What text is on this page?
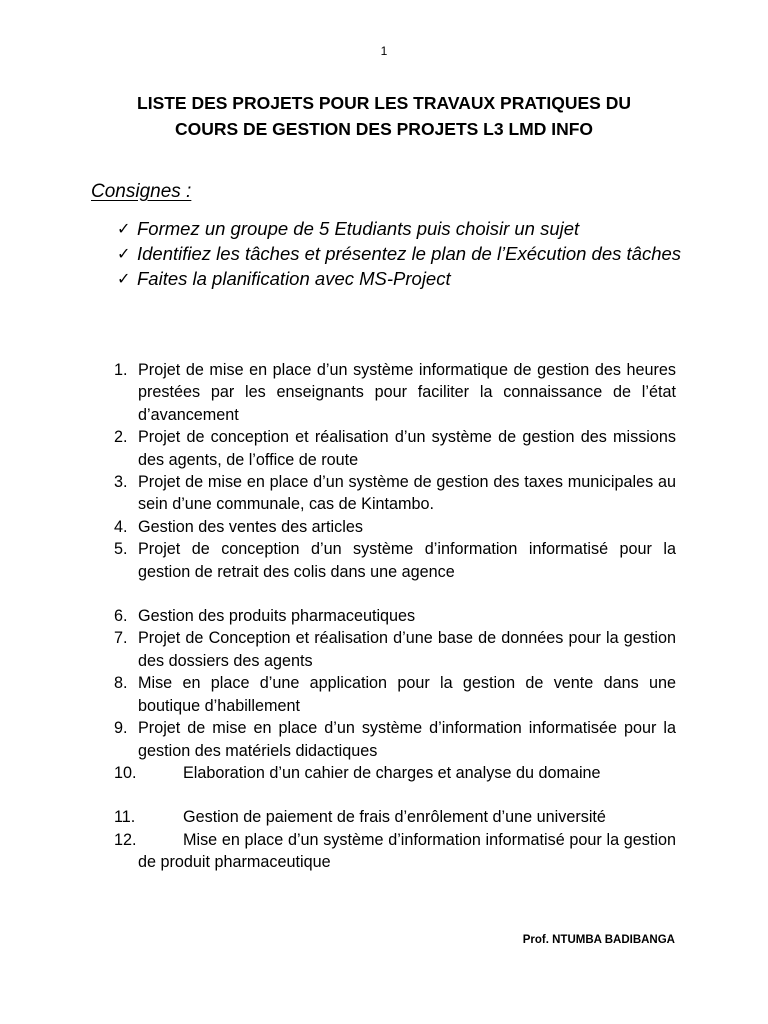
1
LISTE DES PROJETS POUR LES TRAVAUX PRATIQUES DU
COURS DE GESTION DES PROJETS L3 LMD INFO
Consignes :
✓ Formez un groupe de 5 Etudiants puis choisir un sujet
✓ Identifiez les tâches et présentez le plan de l’Exécution des tâches
✓ Faites la planification avec MS-Project
1. Projet de mise en place d’un système informatique de gestion des heures prestées par les enseignants pour faciliter la connaissance de l’état d’avancement
2. Projet de conception et réalisation d’un système de gestion des missions des agents, de l’office de route
3. Projet de mise en place d’un système de gestion des taxes municipales au sein d’une communale, cas de Kintambo.
4. Gestion des ventes des articles
5. Projet de conception d’un système d’information informatisé pour la gestion de retrait des colis dans une agence
6. Gestion des produits pharmaceutiques
7. Projet de Conception et réalisation d’une base de données pour la gestion des dossiers des agents
8. Mise en place d’une application pour la gestion de vente dans une boutique d’habillement
9. Projet de mise en place d’un système d’information informatisée pour la gestion des matériels didactiques
10.	Elaboration d’un cahier de charges et analyse du domaine
11.	Gestion de paiement de frais d’enrôlement d’une université
12.	Mise en place d’un système d’information informatisé pour la gestion de produit pharmaceutique
Prof. NTUMBA BADIBANGA
